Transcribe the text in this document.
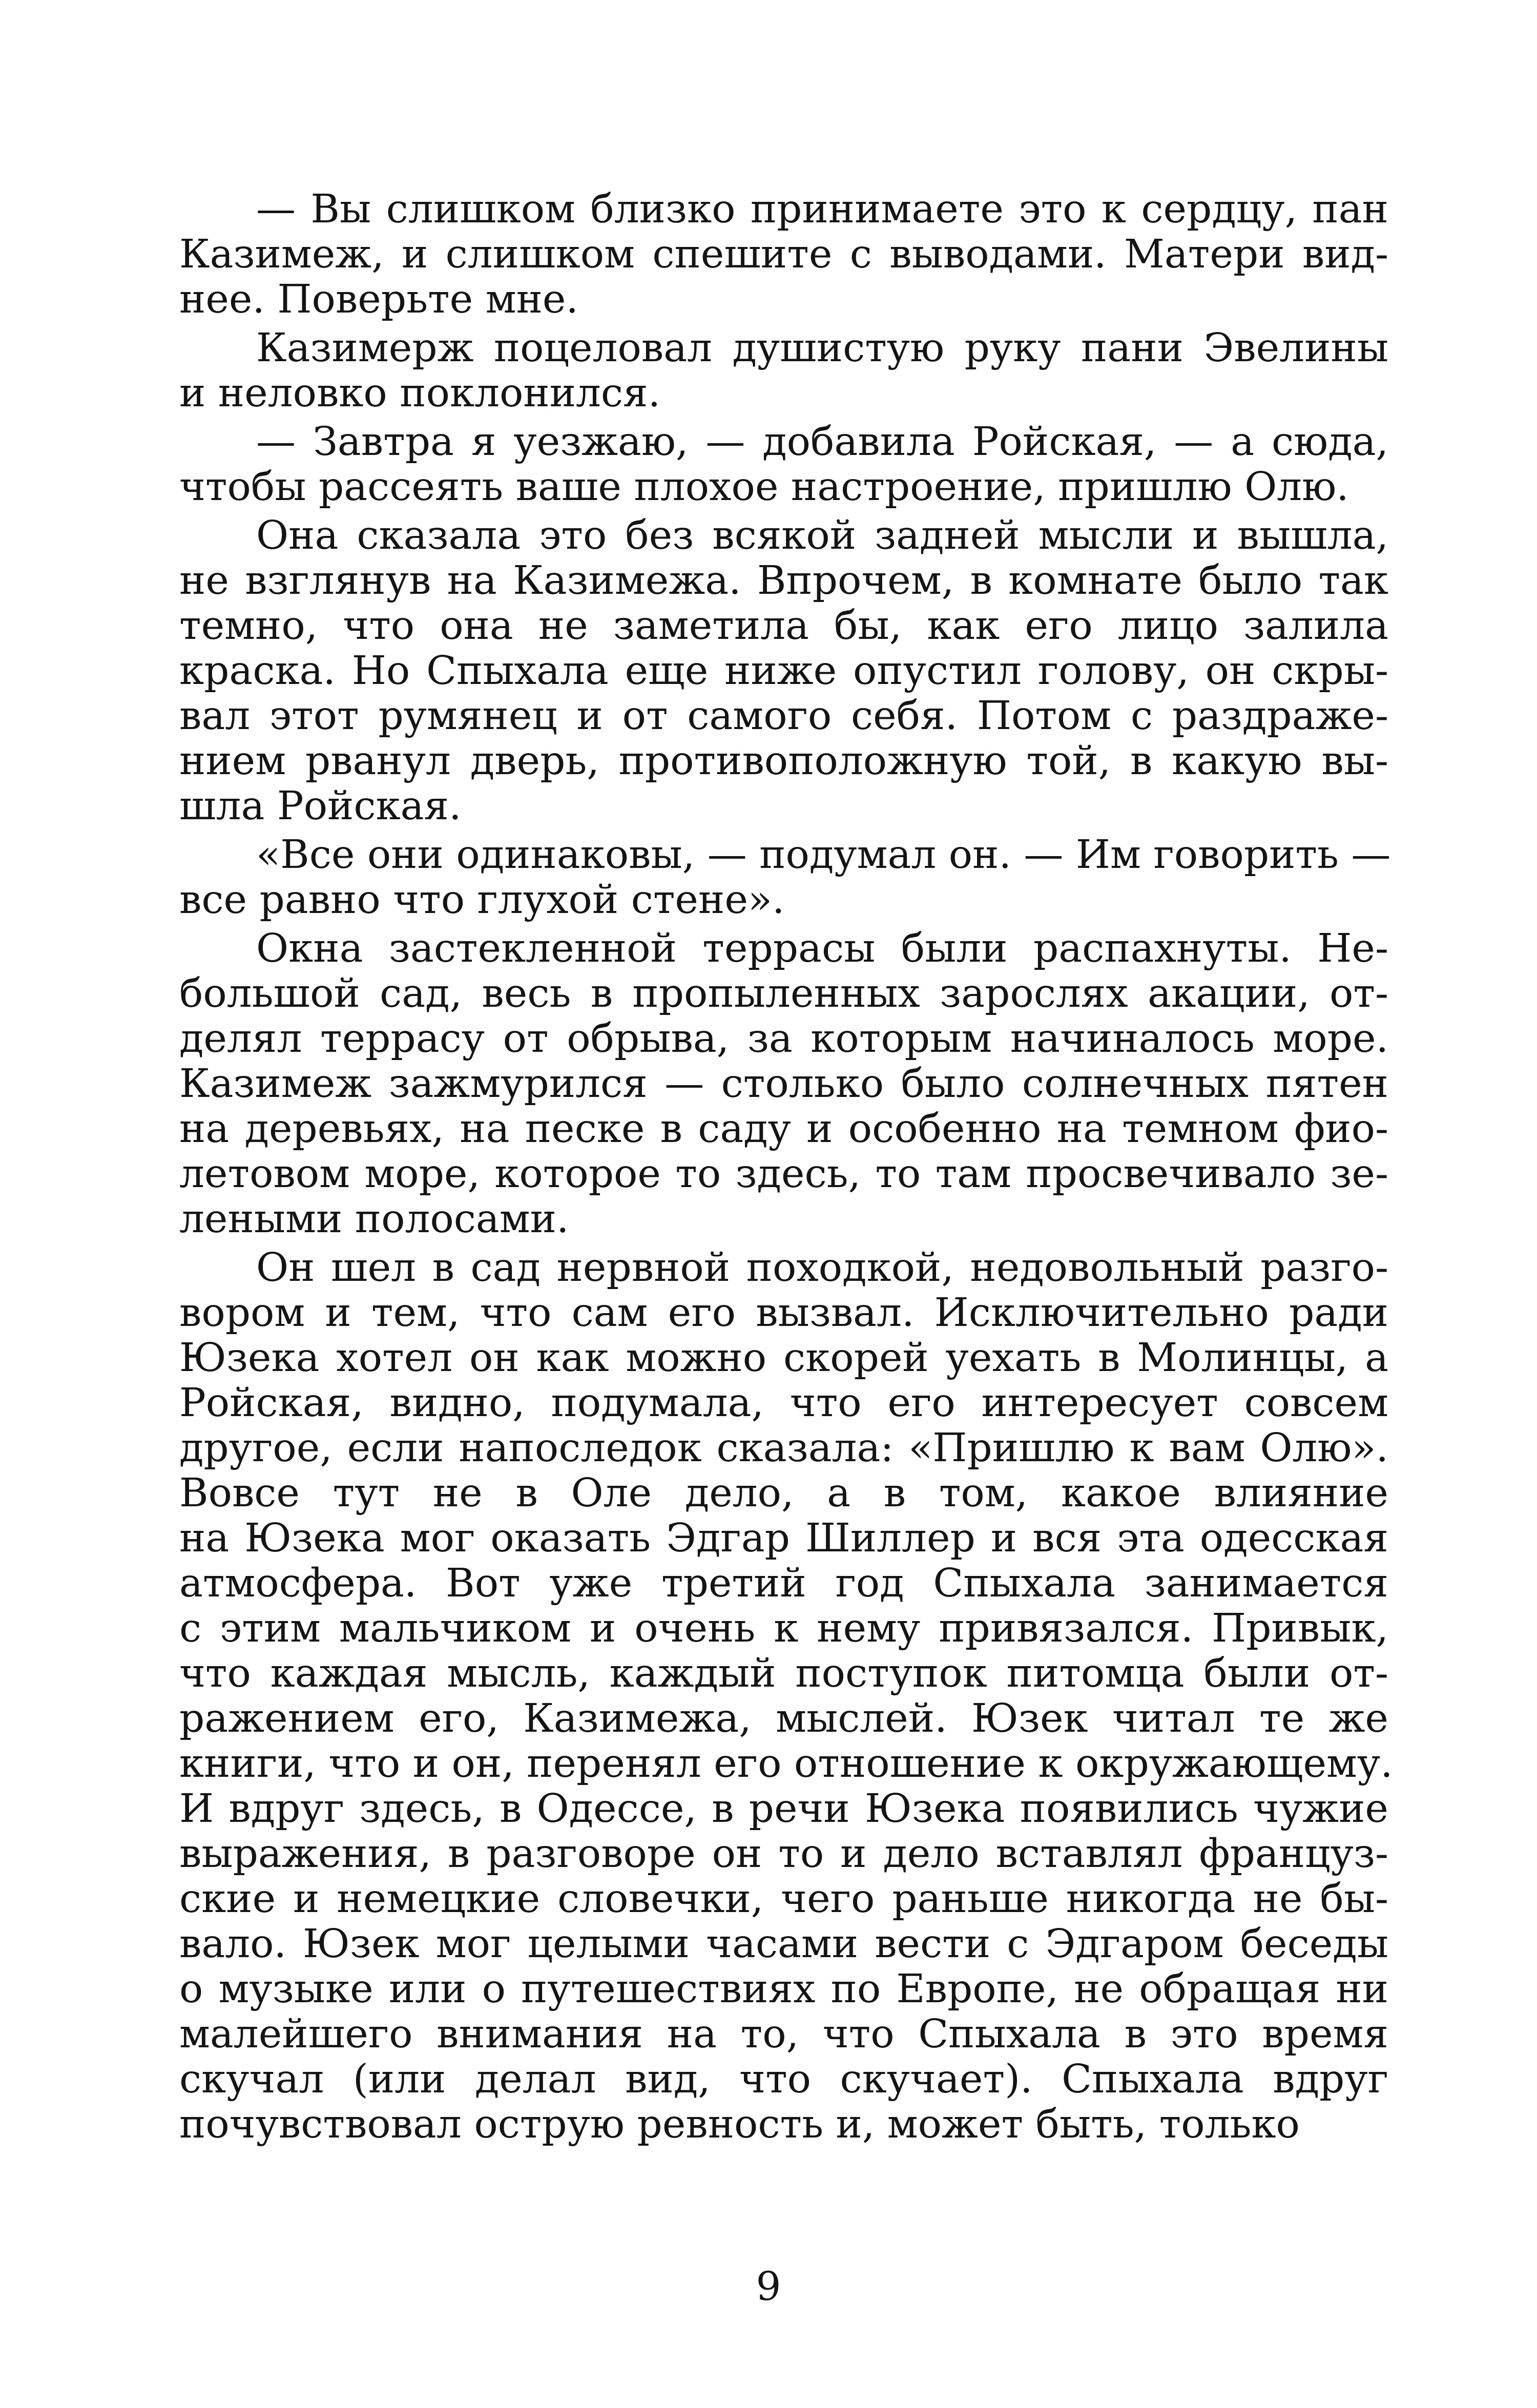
— Вы слишком близко принимаете это к сердцу, пан
Казимеж, и слишком спешите с выводами. Матери вид-
нее. Поверьте мне.

Казимерж поцеловал душистую руку пани Эвелины
и неловко поклонился.

— Завтра я уезжаю, — добавила Ройская, — а сюда,
чтобы рассеять ваше плохое настроение, пришлю Олю.

Она сказала это без всякой задней мысли и вышла,
не взглянув на Казимежа. Впрочем, в комнате было так
темно, что она не заметила бы, как его лицо залила
краска. Но Спыхала еще ниже опустил голову, он скры-
вал этот румянец и от самого себя. Потом с раздраже-
нием рванул дверь, противоположную той, в какую вы-
шла Ройская.

«Все они одинаковы, — подумал он. — Им говорить —
все равно что глухой стене».

Окна застекленной террасы были распахнуты. Не-
большой сад, весь в пропыленных зарослях акации, от-
делял террасу от обрыва, за которым начиналось море.
Казимеж зажмурился — столько было солнечных пятен
на деревьях, на песке в саду и особенно на темном фио-
летовом море, которое то здесь, то там просвечивало зе-
леными полосами.

Он шел в сад нервной походкой, недовольный разго-
вором и тем, что сам его вызвал. Исключительно ради
Юзека хотел он как можно скорей уехать в Молинцы, а
Ройская, видно, подумала, что его интересует совсем
другое, если напоследок сказала: «Пришлю к вам Олю».
Вовсе тут не в Оле дело, а в том, какое влияние
на Юзека мог оказать Эдгар Шиллер и вся эта одесская
атмосфера. Вот уже третий год Спыхала занимается
с этим мальчиком и очень к нему привязался. Привык,
что каждая мысль, каждый поступок питомца были от-
ражением его, Казимежа, мыслей. Юзек читал те же
книги, что и он, перенял его отношение к окружающему.
И вдруг здесь, в Одессе, в речи Юзека появились чужие
выражения, в разговоре он то и дело вставлял француз-
ские и немецкие словечки, чего раньше никогда не бы-
вало. Юзек мог целыми часами вести с Эдгаром беседы
о музыке или о путешествиях по Европе, не обращая ни
малейшего внимания на то, что Спыхала в это время
скучал (или делал вид, что скучает). Спыхала вдруг
почувствовал острую ревность и, может быть, только

9
